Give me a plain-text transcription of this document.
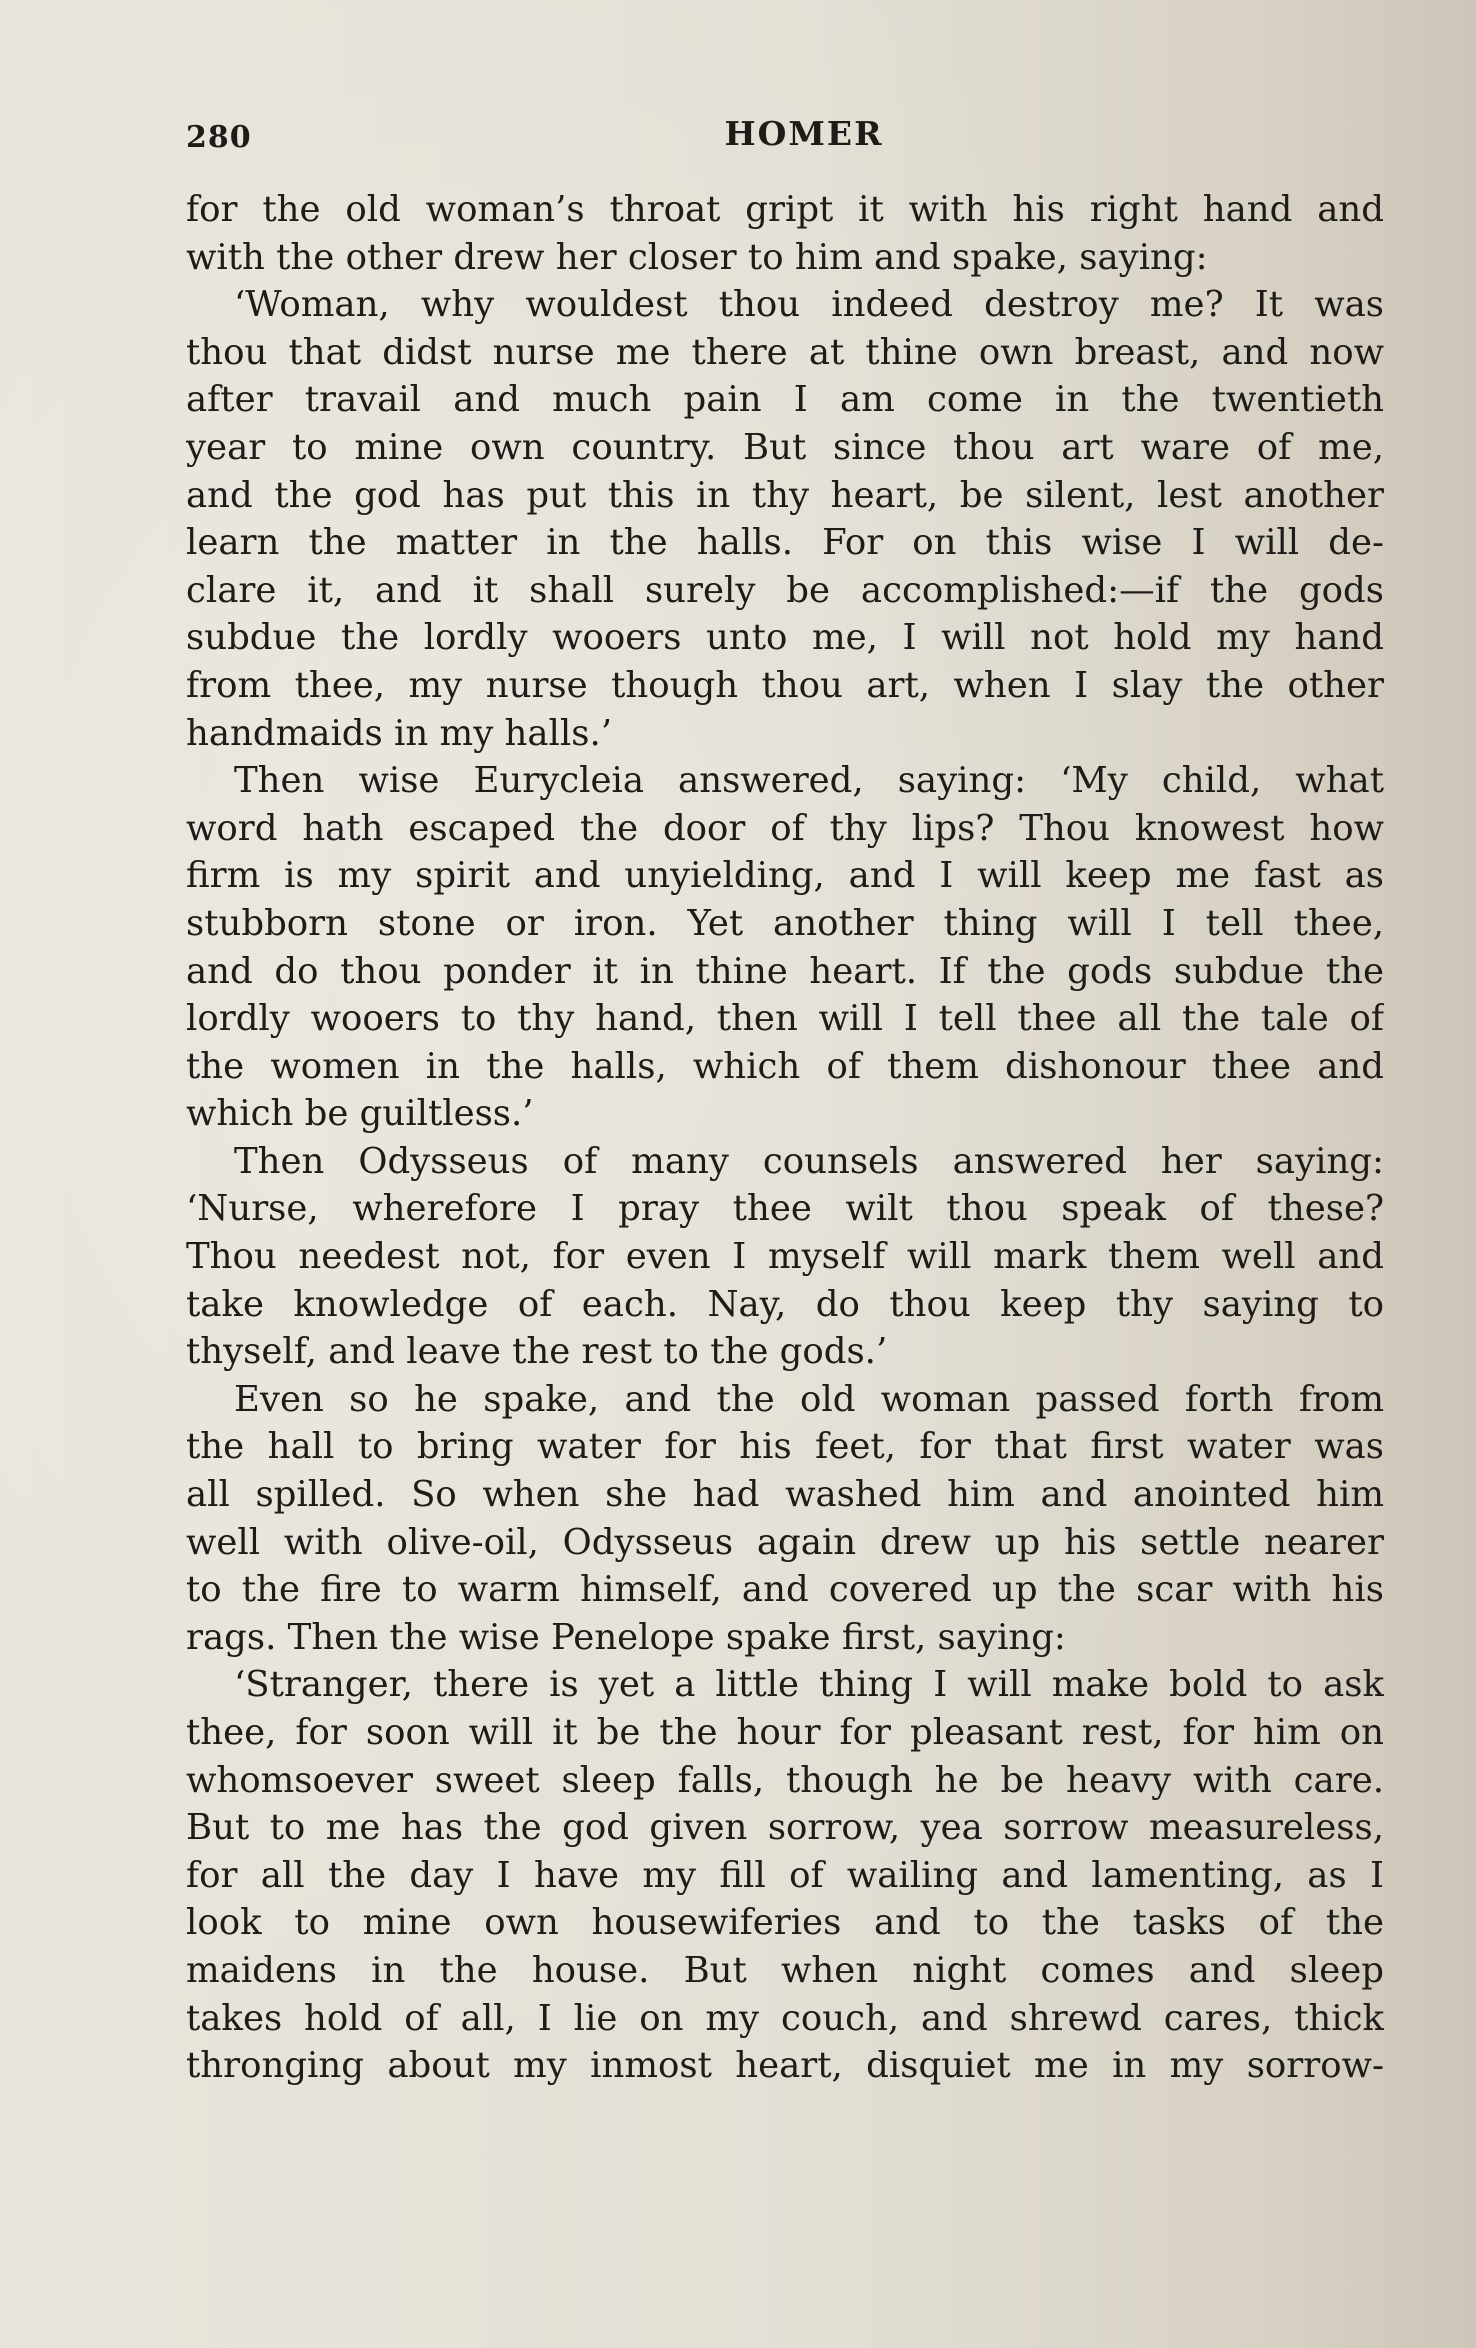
280	HOMER
for the old woman’s throat gript it with his right hand and
with the other drew her closer to him and spake, saying:
‘Woman, why wouldest thou indeed destroy me? It was
thou that didst nurse me there at thine own breast, and now
after travail and much pain I am come in the twentieth
year to mine own country. But since thou art ware of me,
and the god has put this in thy heart, be silent, lest another
learn the matter in the halls. For on this wise I will de-
clare it, and it shall surely be accomplished:—if the gods
subdue the lordly wooers unto me, I will not hold my hand
from thee, my nurse though thou art, when I slay the other
handmaids in my halls.’
Then wise Eurycleia answered, saying: ‘My child, what
word hath escaped the door of thy lips? Thou knowest how
firm is my spirit and unyielding, and I will keep me fast as
stubborn stone or iron. Yet another thing will I tell thee,
and do thou ponder it in thine heart. If the gods subdue the
lordly wooers to thy hand, then will I tell thee all the tale of
the women in the halls, which of them dishonour thee and
which be guiltless.’
Then Odysseus of many counsels answered her saying:
‘Nurse, wherefore I pray thee wilt thou speak of these?
Thou needest not, for even I myself will mark them well and
take knowledge of each. Nay, do thou keep thy saying to
thyself, and leave the rest to the gods.’
Even so he spake, and the old woman passed forth from
the hall to bring water for his feet, for that first water was
all spilled. So when she had washed him and anointed him
well with olive-oil, Odysseus again drew up his settle nearer
to the fire to warm himself, and covered up the scar with his
rags. Then the wise Penelope spake first, saying:
‘Stranger, there is yet a little thing I will make bold to ask
thee, for soon will it be the hour for pleasant rest, for him on
whomsoever sweet sleep falls, though he be heavy with care.
But to me has the god given sorrow, yea sorrow measureless,
for all the day I have my fill of wailing and lamenting, as I
look to mine own housewiferies and to the tasks of the
maidens in the house. But when night comes and sleep
takes hold of all, I lie on my couch, and shrewd cares, thick
thronging about my inmost heart, disquiet me in my sorrow-
